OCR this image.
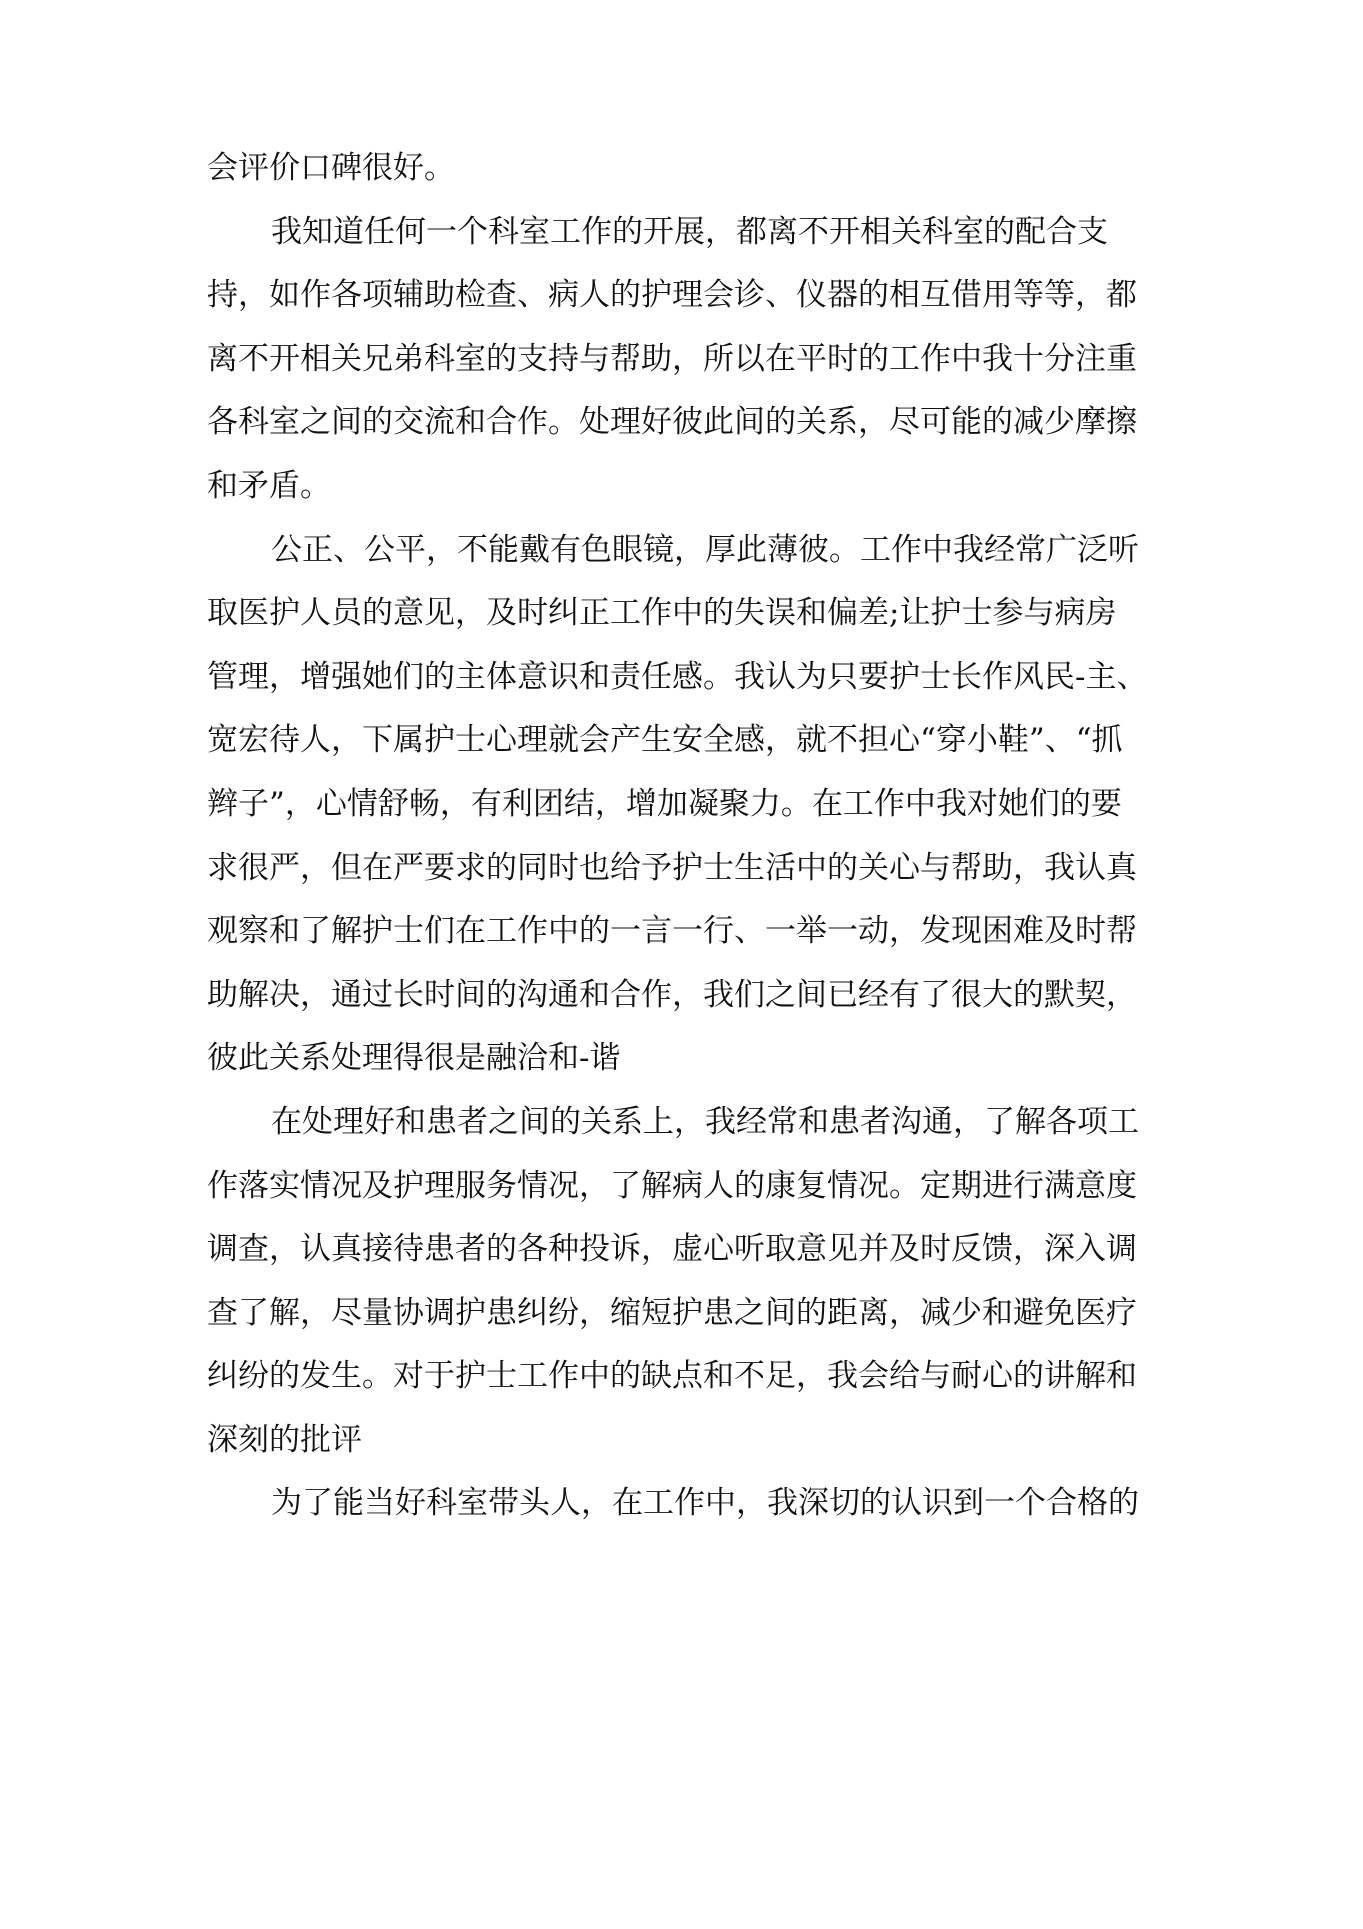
会评价口碑很好。

我知道任何一个科室工作的开展，都离不开相关科室的配合支
持，如作各项辅助检查、病人的护理会诊、仪器的相互借用等等，都
离不开相关兄弟科室的支持与帮助，所以在平时的工作中我十分注重
各科室之间的交流和合作。处理好彼此间的关系，尽可能的减少摩擦
和矛盾。

公正、公平，不能戴有色眼镜，厚此薄彼。工作中我经常广泛听
取医护人员的意见，及时纠正工作中的失误和偏差;让护士参与病房
管理，增强她们的主体意识和责任感。我认为只要护士长作风民-主、
宽宏待人，下属护士心理就会产生安全感，就不担心“穿小鞋”、“抓
辫子”，心情舒畅，有利团结，增加凝聚力。在工作中我对她们的要
求很严，但在严要求的同时也给予护士生活中的关心与帮助，我认真
观察和了解护士们在工作中的一言一行、一举一动，发现困难及时帮
助解决，通过长时间的沟通和合作，我们之间已经有了很大的默契，
彼此关系处理得很是融洽和-谐

在处理好和患者之间的关系上，我经常和患者沟通，了解各项工
作落实情况及护理服务情况，了解病人的康复情况。定期进行满意度
调查，认真接待患者的各种投诉，虚心听取意见并及时反馈，深入调
查了解，尽量协调护患纠纷，缩短护患之间的距离，减少和避免医疗
纠纷的发生。对于护士工作中的缺点和不足，我会给与耐心的讲解和
深刻的批评

为了能当好科室带头人，在工作中，我深切的认识到一个合格的
